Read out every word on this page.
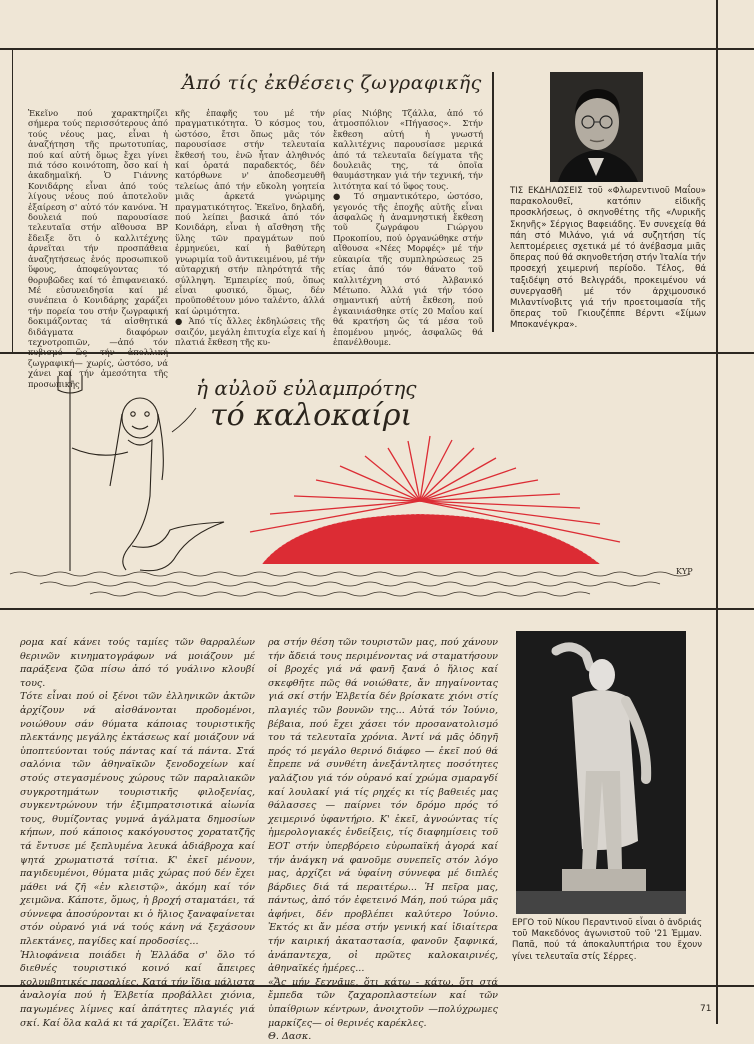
Ἀπό τίς ἐκθέσεις ζωγραφικῆς
Ἐκεῖνο πού χαρακτηρίζει σήμερα τούς περισσότερους ἀπό τούς νέους μας, εἶναι ἡ ἀναζήτηση τῆς πρωτοτυπίας, πού καί αὐτή ὅμως ἔχει γίνει πιά τόσο κοινότοπη, ὅσο καί ἡ ἀκαδημαϊκή. Ὁ Γιάννης Κονιδάρης εἶναι ἀπό τούς λίγους νέους πού ἀποτελοῦν ἐξαίρεση σ' αὐτό τόν κανόνα. Ἡ δουλειά πού παρουσίασε τελευταῖα στήν αἴθουσα ΒΡ ἔδειξε ὅτι ὁ καλλιτέχνης ἀρνεῖται τήν προσπάθεια ἀναζητήσεως ἑνός προσωπικοῦ ὕφους, ἀποφεύγοντας τό θορυβῶδες καί τό ἐπιφανειακό. Μέ εὐσυνειδησία καί μέ συνέπεια ὁ Κονιδάρης χαράζει τήν πορεία του στήν ζωγραφική δοκιμάζοντας τά αἰσθητικά διδάγματα διαφόρων τεχνοτροπιῶν, —ἀπό τόν κυβισμό ὥς τήν ἀπολλική ζωγραφική— χωρίς, ὡστόσο, νά χάνει καί τήν ἀμεσότητα τῆς προσωπικῆς
κῆς ἐπαφῆς του μέ τήν πραγματικότητα. Ὁ κόσμος του, ὡστόσο, ἔτσι ὅπως μᾶς τόν παρουσίασε στήν τελευταία ἔκθεσή του, ἐνῶ ἦταν ἀληθινός καί ὁρατά παραδεκτός, δέν κατόρθωνε ν' ἀποδεσμευθῆ τελείως ἀπό τήν εὔκολη γοητεία μιᾶς ἀρκετά γνώριμης πραγματικότητος. Ἐκεῖνο, δηλαδή, πού λείπει βασικά ἀπό τόν Κονιδάρη, εἶναι ἡ αἴσθηση τῆς ὕλης τῶν πραγμάτων πού ἐρμηνεύει, καί ἡ βαθύτερη γνωριμία τοῦ ἀντικειμένου, μέ τήν αὐταρχική στήν πληρότητά τῆς σύλληψη. Ἐμπειρίες πού, ὅπως εἶναι φυσικό, ὅμως, δέν προϋποθέτουν μόνο ταλέντο, ἀλλά καί ὡριμότητα.
● Ἀπό τίς ἄλλες ἐκδηλώσεις τῆς σαιζόν, μεγάλη ἐπιτυχία εἶχε καί ἡ πλατιά ἔκθεση τῆς κυ-
ρίας Νιόβης Τζάλλα, ἀπό τό ἀτμοσπόλιον «Πήγασος». Στήν ἔκθεση αὐτή ἡ γνωστή καλλιτέχνις παρουσίασε μερικά ἀπό τά τελευταῖα δείγματα τῆς δουλειᾶς της, τά ὁποῖα θαυμάστηκαν γιά τήν τεχνική, τήν λιτότητα καί τό ὕφος τους.
● Τό σημαντικότερο, ὡστόσο, γεγονός τῆς ἐποχῆς αὐτῆς εἶναι ἀσφαλῶς ἡ ἀναμνηστική ἔκθεση τοῦ ζωγράφου Γιώργου Προκοπίου, πού ὀργανώθηκε στήν αἴθουσα «Νέες Μορφές» μέ τήν εὐκαιρία τῆς συμπληρώσεως 25 ετίας ἀπό τόν θάνατο τοῦ καλλιτέχνη στό Ἀλβανικό Μέτωπο. Ἀλλά γιά τήν τόσο σημαντική αὐτή ἔκθεση, πού ἐγκαινιάσθηκε στίς 20 Μαΐου καί θά κρατήση ὥς τά μέσα τοῦ ἑπομένου μηνός, ἀσφαλῶς θά ἐπανέλθουμε.
ΤΙΣ ΕΚΔΗΛΩΣΕΙΣ τοῦ «Φλωρεντινοῦ Μαΐου» παρακολουθεῖ, κατόπιν εἰδικῆς προσκλήσεως, ὁ σκηνοθέτης τῆς «Λυρικῆς Σκηνῆς» Σέργιος Βαφειάδης. Ἐν συνεχείᾳ θά πάη στό Μιλάνο, γιά νά συζητήση τίς λεπτομέρειες σχετικά μέ τό ἀνέβασμα μιᾶς ὄπερας πού θά σκηνοθετήση στήν Ἰταλία τήν προσεχή χειμερινή περίοδο. Τέλος, θά ταξιδέψη στό Βελιγράδι, προκειμένου νά συνεργασθῆ μέ τόν ἀρχιμουσικό Μιλαντίνοβιτς γιά τήν προετοιμασία τῆς ὄπερας τοῦ Γκιουζέππε Βέρντι «Σίμων Μποκανέγκρα».
ἡ αὐλοῦ εὐλαμπρότης
τό καλοκαίρι
ΚΥΡ
ρομα καί κάνει τούς ταμίες τῶν θαρραλέων θερινῶν κινηματογράφων νά μοιάζουν μέ παράξενα ζῶα πίσω ἀπό τό γυάλινο κλουβί τους.
Τότε εἶναι πού οἱ ξένοι τῶν ἑλληνικῶν ἀκτῶν ἀρχίζουν νά αἰσθάνονται προδομένοι, νοιώθουν σάν θύματα κάποιας τουριστικῆς πλεκτάνης μεγάλης ἐκτάσεως καί μοιάζουν νά ὑποπτεύονται τούς πάντας καί τά πάντα. Στά σαλόνια τῶν ἀθηναϊκῶν ξενοδοχείων καί στούς στεγασμένους χώρους τῶν παραλιακῶν συγκροτημάτων τουριστικῆς φιλοξενίας, συγκεντρώνουν τήν ἐξιμπρατσιοτικά αἰωνία τους, θυμίζοντας γυμνά ἀγάλματα δημοσίων κήπων, πού κάποιος κακόγουστος χορατατζῆς τά ἔντυσε μέ ξεπλυμένα λευκά ἀδιάβροχα καί ψητά χρωματιστά τσίτια. Κ' ἐκεῖ μένουν, παγιδευμένοι, θύματα μιᾶς χώρας πού δέν ἔχει μάθει νά ζῆ «ἐν κλειστῷ», ἀκόμη καί τόν χειμῶνα. Κάποτε, ὅμως, ἡ βροχή σταματάει, τά σύννεφα ἀποσύρονται κι ὁ ἥλιος ξαναφαίνεται στόν οὐρανό γιά νά τούς κάνη νά ξεχάσουν πλεκτάνες, παγίδες καί προδοσίες...
Ἡλιοφάνεια ποιάδει ἡ Ἑλλάδα σ' ὅλο τό διεθνές τουριστικό κοινό καί ἄπειρες κολυμβητικές παραλίες. Κατά τήν ἴδια μάλιστα ἀναλογία πού ἡ Ἑλβετία προβάλλει χιόνια, παγωμένες λίμνες καί ἀπάτητες πλαγιές γιά σκί. Καί ὅλα καλά κι τά χαρίζει. Ἐλᾶτε τώ-
ρα στήν θέση τῶν τουριστῶν μας, πού χάνουν τήν ἄδειά τους περιμένοντας νά σταματήσουν οἱ βροχές γιά νά φανῆ ξανά ὁ ἥλιος καί σκεφθῆτε πῶς θά νοιώθατε, ἄν πηγαίνοντας γιά σκί στήν Ἑλβετία δέν βρίσκατε χιόνι στίς πλαγιές τῶν βουνῶν της... Αὐτά τόν Ἰούνιο, βέβαια, πού ἔχει χάσει τόν προσανατολισμό του τά τελευταῖα χρόνια. Ἀντί νά μᾶς ὁδηγῆ πρός τό μεγάλο θερινό διάφεο — ἐκεῖ πού θά ἔπρεπε νά συνθέτη ἀνεξάντλητες ποσότητες γαλάζιου γιά τόν οὐρανό καί χρώμα σμαραγδί καί λουλακί γιά τίς ρηχές κι τίς βαθειές μας θάλασσες — παίρνει τόν δρόμο πρός τό χειμερινό ὑφαντήριο. Κ' ἐκεῖ, ἀγνοώντας τίς ἡμερολογιακές ἐνδείξεις, τίς διαφημίσεις τοῦ ΕΟΤ στήν ὑπερβόρειο εὐρωπαϊκή ἀγορά καί τήν ἀνάγκη νά φανοῦμε συνεπεῖς στόν λόγο μας, ἀρχίζει νά ὑφαίνη σύννεφα μέ διπλές βάρδιες διά τά περαιτέρω... Ἡ πεῖρα μας, πάντως, ἀπό τόν ἐφετεινό Μάη, πού τώρα μᾶς ἀφήνει, δέν προβλέπει καλύτερο Ἰούνιο. Ἐκτός κι ἄν μέσα στήν γενική καί ἰδιαίτερα τήν καιρική ἀκαταστασία, φανοῦν ξαφνικά, ἀνάπαντεχα, οἱ πρῶτες καλοκαιρινές, ἀθηναϊκές ἡμέρες...
«Ἄς μήν ξεχνᾶμε, ὅτι κάτω - κάτω, ὅτι στά ἔμπεδα τῶν ζαχαροπλαστείων καί τῶν ὑπαίθριων κέντρων, ἀνοιχτοῦν —πολύχρωμες μαρκίζες— οἱ θερινές καρέκλες.
Θ. Δασκ.
ΕΡΓΟ τοῦ Νίκου Περαντινοῦ εἶναι ὁ ἀνδριάς τοῦ Μακεδόνος ἀγωνιστοῦ τοῦ '21 Ἐμμαν. Παπᾶ, πού τά ἀποκαλυπτήρια του ἔχουν γίνει τελευταῖα στίς Σέρρες.
71
